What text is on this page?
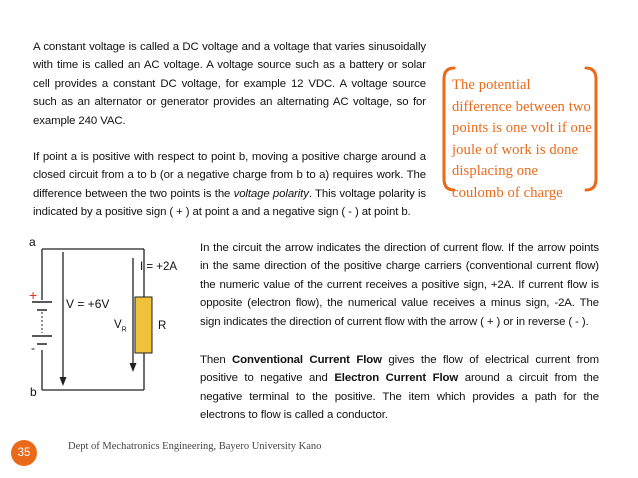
A constant voltage is called a DC voltage and a voltage that varies sinusoidally with time is called an AC voltage. A voltage source such as a battery or solar cell provides a constant DC voltage, for example 12 VDC. A voltage source such as an alternator or generator provides an alternating AC voltage, so for example 240 VAC.

If point a is positive with respect to point b, moving a positive charge around a closed circuit from a to b (or a negative charge from b to a) requires work. The difference between the two points is the voltage polarity. This voltage polarity is indicated by a positive sign ( + ) at point a and a negative sign ( - ) at point b.

The potential difference between two points is one volt if one joule of work is done displacing one coulomb of charge
a
b
+
-
V = +6V
I = +2A
$V_R$	R

In the circuit the arrow indicates the direction of current flow. If the arrow points in the same direction of the positive charge carriers (conventional current flow) the numeric value of the current receives a positive sign, +2A. If current flow is opposite (electron flow), the numerical value receives a minus sign, -2A. The sign indicates the direction of current flow with the arrow ( + ) or in reverse ( - ).

Then Conventional Current Flow gives the flow of electrical current from positive to negative and Electron Current Flow around a circuit from the negative terminal to the positive. The item which provides a path for the electrons to flow is called a conductor.

35
Dept of Mechatronics Engineering, Bayero University Kano
